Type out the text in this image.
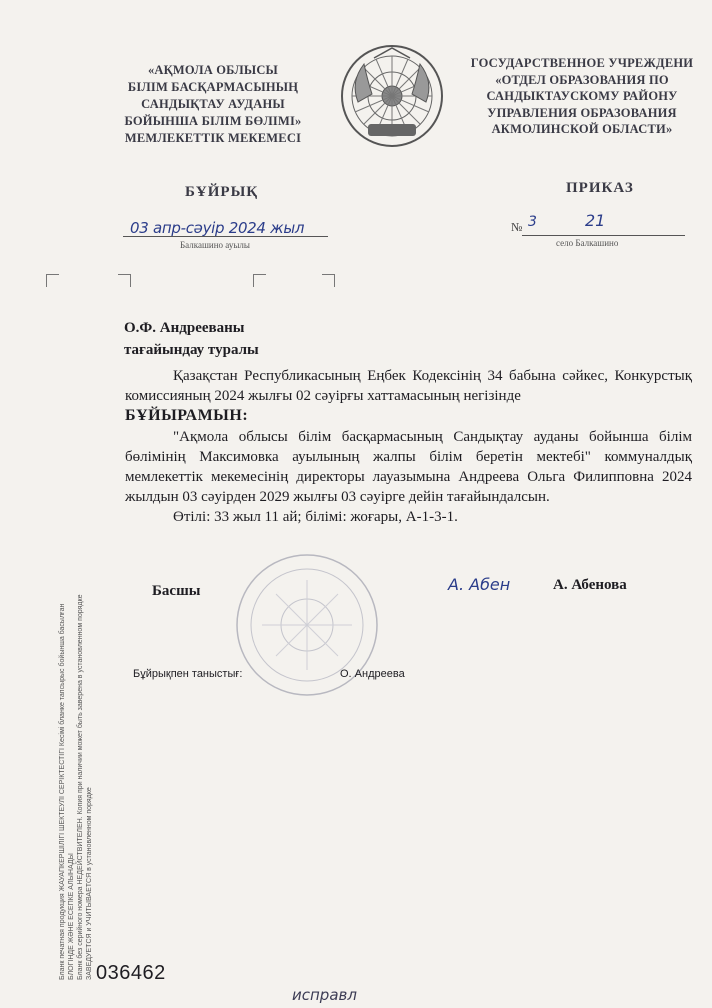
«АҚМОЛА ОБЛЫСЫ
БІЛІМ БАСҚАРМАСЫНЫҢ
САНДЫҚТАУ АУДАНЫ
БОЙЫНША БІЛІМ БӨЛІМІ»
МЕМЛЕКЕТТІК МЕКЕМЕСІ
ГОСУДАРСТВЕННОЕ УЧРЕЖДЕНИ
«ОТДЕЛ ОБРАЗОВАНИЯ ПО
САНДЫКТАУСКОМУ РАЙОНУ
УПРАВЛЕНИЯ ОБРАЗОВАНИЯ
АКМОЛИНСКОЙ ОБЛАСТИ»
БҰЙРЫҚ	ПРИКАЗ
03 апр-сәуір 2024 жыл
Балкашино ауылы
№ 3	21
село Балкашино
О.Ф. Андрееваны
тағайындау туралы

Қазақстан Республикасының Еңбек Кодексінің 34 бабына сәйкес, Конкурстық комиссияның 2024 жылғы 02 сәуірғы хаттамасының негізінде
БҰЙЫРАМЫН:

"Ақмола облысы білім басқармасының Сандықтау ауданы бойынша білім бөлімінің Максимовка ауылының жалпы білім беретін мектебі" коммуналдық мемлекеттік мекемесінің директоры лауазымына Андреева Ольга Филипповна 2024 жылдын 03 сәуірден 2029 жылғы 03 сәуірге дейін тағайындалсын.

Өтілі: 33 жыл 11 ай; білімі: жоғары, А-1-3-1.

Басшы	А. Абен	А. Абенова
Бұйрықпен таныстығ:	О. Андреева
Бланк печатная продукция ЖАУАПКЕРШІЛІГІ ШЕКТЕУЛІ СЕРІКТЕСТІГІ Кесімі бланке тапсырыс бойынша басылған БЛОГІНДЕ ЖӘНЕ ЕСЕПКЕ АЛЫНАДЫ Бланк без серийного номера НЕДЕЙСТВИТЕЛЕН. Копия при наличии может быть заверена в установленном порядке ЗАВЕДУЕТСЯ и УЧИТЫВАЕТСЯ в установленном порядке 036462
исправл
